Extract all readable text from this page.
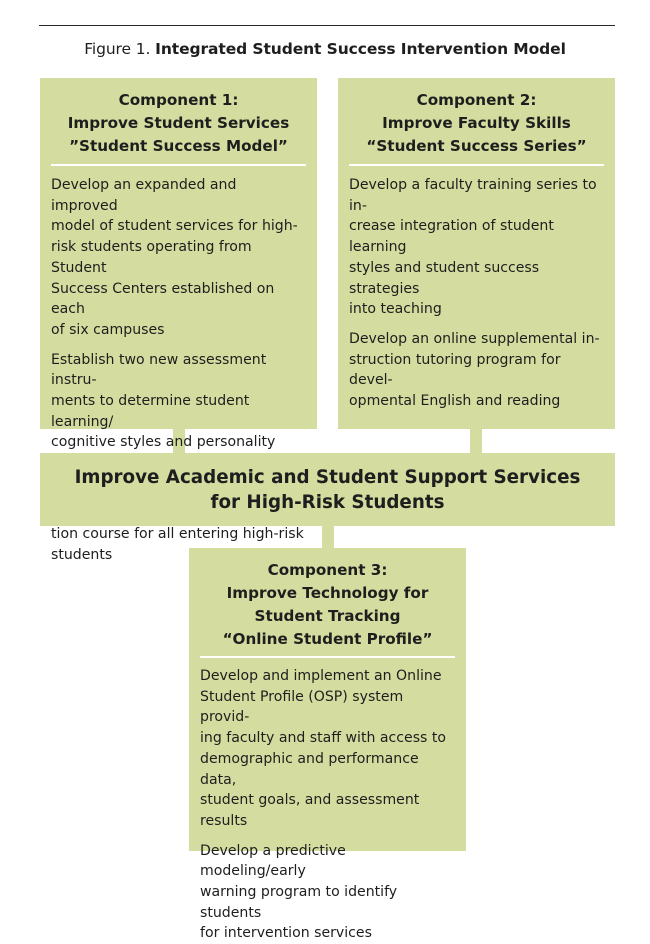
Figure 1. Integrated Student Success Intervention Model
Component 1:
Improve Student Services
”Student Success Model”
Develop an expanded and improved
model of student services for high-
risk students operating from Student
Success Centers established on each
of six campuses
Establish two new assessment instru-
ments to determine student learning/
cognitive styles and personality
tion course for all entering high-risk
students
Component 2:
Improve Faculty Skills
“Student Success Series”
Develop a faculty training series to in-
crease integration of student learning
styles and student success strategies
into teaching
Develop an online supplemental in-
struction tutoring program for devel-
opmental English and reading
Improve Academic and Student Support Services
for High-Risk Students
Component 3:
Improve Technology for
Student Tracking
“Online Student Profile”
Develop and implement an Online
Student Profile (OSP) system provid-
ing faculty and staff with access to
demographic and performance data,
student goals, and assessment results
Develop a predictive modeling/early
warning program to identify students
for intervention services
